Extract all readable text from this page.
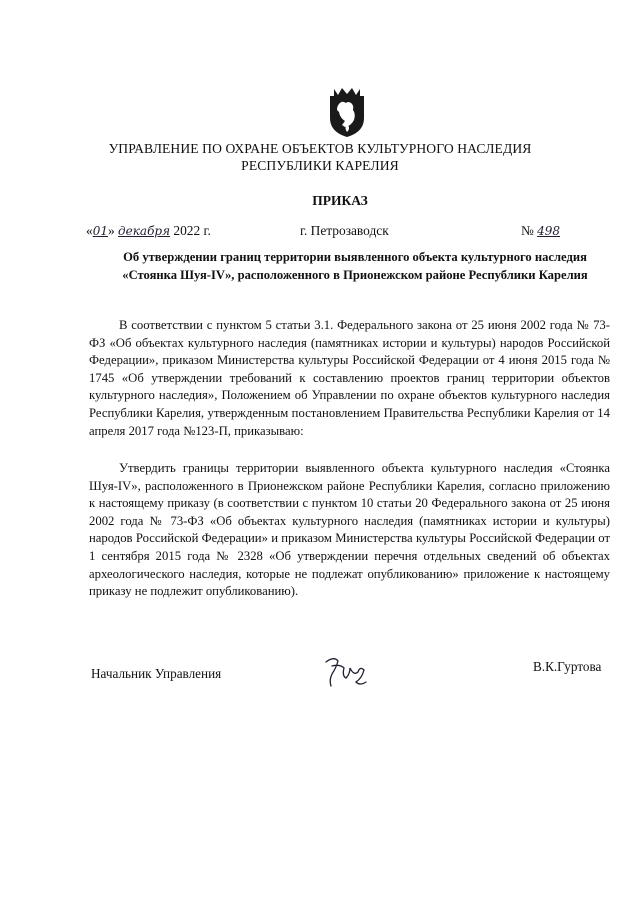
УПРАВЛЕНИЕ ПО ОХРАНЕ ОБЪЕКТОВ КУЛЬТУРНОГО НАСЛЕДИЯ
РЕСПУБЛИКИ КАРЕЛИЯ
ПРИКАЗ
«01» декабря 2022 г.	г. Петрозаводск	№ 498
Об утверждении границ территории выявленного объекта культурного наследия «Стоянка Шуя-IV», расположенного в Прионежском районе Республики Карелия

В соответствии с пунктом 5 статьи 3.1. Федерального закона от 25 июня 2002 года № 73-ФЗ «Об объектах культурного наследия (памятниках истории и культуры) народов Российской Федерации», приказом Министерства культуры Российской Федерации от 4 июня 2015 года № 1745 «Об утверждении требований к составлению проектов границ территории объектов культурного наследия», Положением об Управлении по охране объектов культурного наследия Республики Карелия, утвержденным постановлением Правительства Республики Карелия от 14 апреля 2017 года №123-П, приказываю:

Утвердить границы территории выявленного объекта культурного наследия «Стоянка Шуя-IV», расположенного в Прионежском районе Республики Карелия, согласно приложению к настоящему приказу (в соответствии с пунктом 10 статьи 20 Федерального закона от 25 июня 2002 года № 73-ФЗ «Об объектах культурного наследия (памятниках истории и культуры) народов Российской Федерации» и приказом Министерства культуры Российской Федерации от 1 сентября 2015 года № 2328 «Об утверждении перечня отдельных сведений об объектах археологического наследия, которые не подлежат опубликованию» приложение к настоящему приказу не подлежит опубликованию).

Начальник Управления	В.К.Гуртова
